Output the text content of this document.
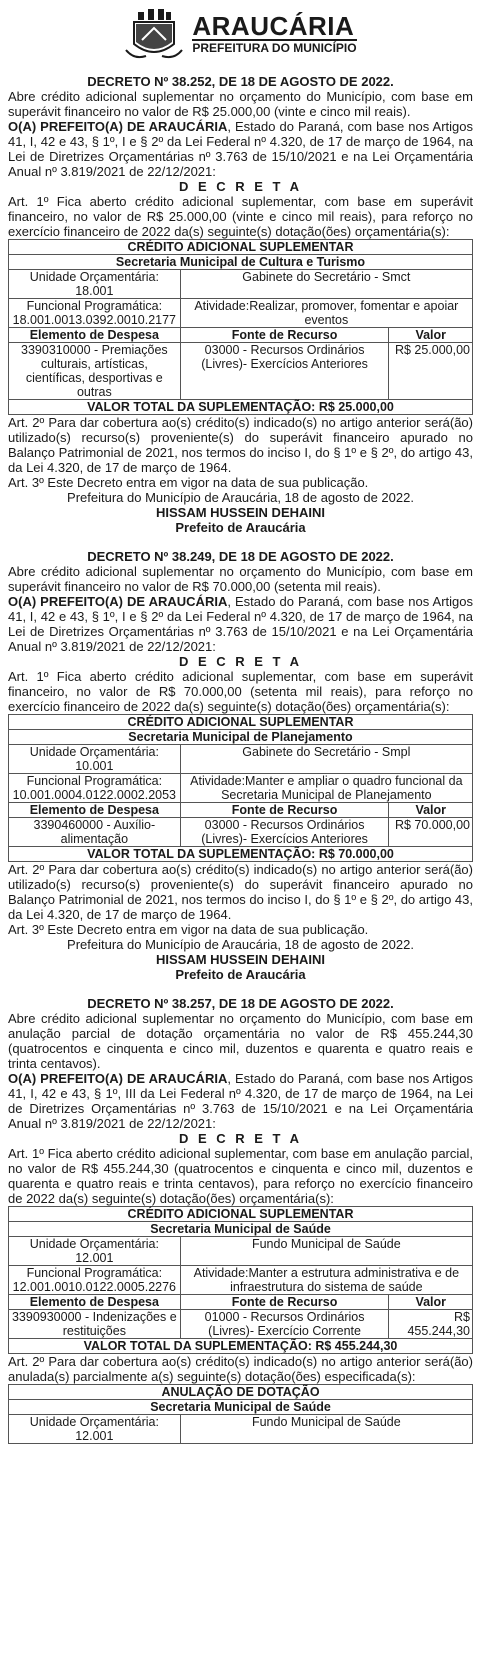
ARAUCÁRIA
PREFEITURA DO MUNICÍPIO
DECRETO Nº 38.252, DE 18 DE AGOSTO DE 2022.
Abre crédito adicional suplementar no orçamento do Município, com base em superávit financeiro no valor de R$ 25.000,00 (vinte e cinco mil reais).
O(A) PREFEITO(A) DE ARAUCÁRIA, Estado do Paraná, com base nos Artigos 41, I, 42 e 43, § 1º, I e § 2º da Lei Federal nº 4.320, de 17 de março de 1964, na Lei de Diretrizes Orçamentárias nº 3.763 de 15/10/2021 e na Lei Orçamentária Anual nº 3.819/2021 de 22/12/2021:
D E C R E T A
Art. 1º Fica aberto crédito adicional suplementar, com base em superávit financeiro, no valor de R$ 25.000,00 (vinte e cinco mil reais), para reforço no exercício financeiro de 2022 da(s) seguinte(s) dotação(ões) orçamentária(s):
CRÉDITO ADICIONAL SUPLEMENTAR		
Secretaria Municipal de Cultura e Turismo		
Unidade Orçamentária: 18.001	Gabinete do Secretário - Smct	
Funcional Programática: 18.001.0013.0392.0010.2177	Atividade:Realizar, promover, fomentar e apoiar eventos	
Elemento de Despesa	Fonte de Recurso	Valor
3390310000 - Premiações culturais, artísticas, científicas, desportivas e outras	03000 - Recursos Ordinários (Livres)- Exercícios Anteriores	R$ 25.000,00
VALOR TOTAL DA SUPLEMENTAÇÃO: R$ 25.000,00		
Art. 2º Para dar cobertura ao(s) crédito(s) indicado(s) no artigo anterior será(ão) utilizado(s) recurso(s) proveniente(s) do superávit financeiro apurado no Balanço Patrimonial de 2021, nos termos do inciso I, do § 1º e § 2º, do artigo 43, da Lei 4.320, de 17 de março de 1964.
Art. 3º Este Decreto entra em vigor na data de sua publicação.
Prefeitura do Município de Araucária, 18 de agosto de 2022.
HISSAM HUSSEIN DEHAINI
Prefeito de Araucária
DECRETO Nº 38.249, DE 18 DE AGOSTO DE 2022.
Abre crédito adicional suplementar no orçamento do Município, com base em superávit financeiro no valor de R$ 70.000,00 (setenta mil reais).
O(A) PREFEITO(A) DE ARAUCÁRIA, Estado do Paraná, com base nos Artigos 41, I, 42 e 43, § 1º, I e § 2º da Lei Federal nº 4.320, de 17 de março de 1964, na Lei de Diretrizes Orçamentárias nº 3.763 de 15/10/2021 e na Lei Orçamentária Anual nº 3.819/2021 de 22/12/2021:
D E C R E T A
Art. 1º Fica aberto crédito adicional suplementar, com base em superávit financeiro, no valor de R$ 70.000,00 (setenta mil reais), para reforço no exercício financeiro de 2022 da(s) seguinte(s) dotação(ões) orçamentária(s):
CRÉDITO ADICIONAL SUPLEMENTAR		
Secretaria Municipal de Planejamento		
Unidade Orçamentária: 10.001	Gabinete do Secretário - Smpl	
Funcional Programática: 10.001.0004.0122.0002.2053	Atividade:Manter e ampliar o quadro funcional da Secretaria Municipal de Planejamento	
Elemento de Despesa	Fonte de Recurso	Valor
3390460000 - Auxílio-alimentação	03000 - Recursos Ordinários (Livres)- Exercícios Anteriores	R$ 70.000,00
VALOR TOTAL DA SUPLEMENTAÇÃO: R$ 70.000,00		
Art. 2º Para dar cobertura ao(s) crédito(s) indicado(s) no artigo anterior será(ão) utilizado(s) recurso(s) proveniente(s) do superávit financeiro apurado no Balanço Patrimonial de 2021, nos termos do inciso I, do § 1º e § 2º, do artigo 43, da Lei 4.320, de 17 de março de 1964.
Art. 3º Este Decreto entra em vigor na data de sua publicação.
Prefeitura do Município de Araucária, 18 de agosto de 2022.
HISSAM HUSSEIN DEHAINI
Prefeito de Araucária
DECRETO Nº 38.257, DE 18 DE AGOSTO DE 2022.
Abre crédito adicional suplementar no orçamento do Município, com base em anulação parcial de dotação orçamentária no valor de R$ 455.244,30 (quatrocentos e cinquenta e cinco mil, duzentos e quarenta e quatro reais e trinta centavos).
O(A) PREFEITO(A) DE ARAUCÁRIA, Estado do Paraná, com base nos Artigos 41, I, 42 e 43, § 1º, III da Lei Federal nº 4.320, de 17 de março de 1964, na Lei de Diretrizes Orçamentárias nº 3.763 de 15/10/2021 e na Lei Orçamentária Anual nº 3.819/2021 de 22/12/2021:
D E C R E T A
Art. 1º Fica aberto crédito adicional suplementar, com base em anulação parcial, no valor de R$ 455.244,30 (quatrocentos e cinquenta e cinco mil, duzentos e quarenta e quatro reais e trinta centavos), para reforço no exercício financeiro de 2022 da(s) seguinte(s) dotação(ões) orçamentária(s):
CRÉDITO ADICIONAL SUPLEMENTAR		
Secretaria Municipal de Saúde		
Unidade Orçamentária: 12.001	Fundo Municipal de Saúde	
Funcional Programática: 12.001.0010.0122.0005.2276	Atividade:Manter a estrutura administrativa e de infraestrutura do sistema de saúde	
Elemento de Despesa	Fonte de Recurso	Valor
3390930000 - Indenizações e restituições	01000 - Recursos Ordinários (Livres)- Exercício Corrente	R$ 455.244,30
VALOR TOTAL DA SUPLEMENTAÇÃO: R$ 455.244,30		
Art. 2º Para dar cobertura ao(s) crédito(s) indicado(s) no artigo anterior será(ão) anulada(s) parcialmente a(s) seguinte(s) dotação(ões) especificada(s):
ANULAÇÃO DE DOTAÇÃO
Secretaria Municipal de Saúde
Unidade Orçamentária: 12.001	Fundo Municipal de Saúde
